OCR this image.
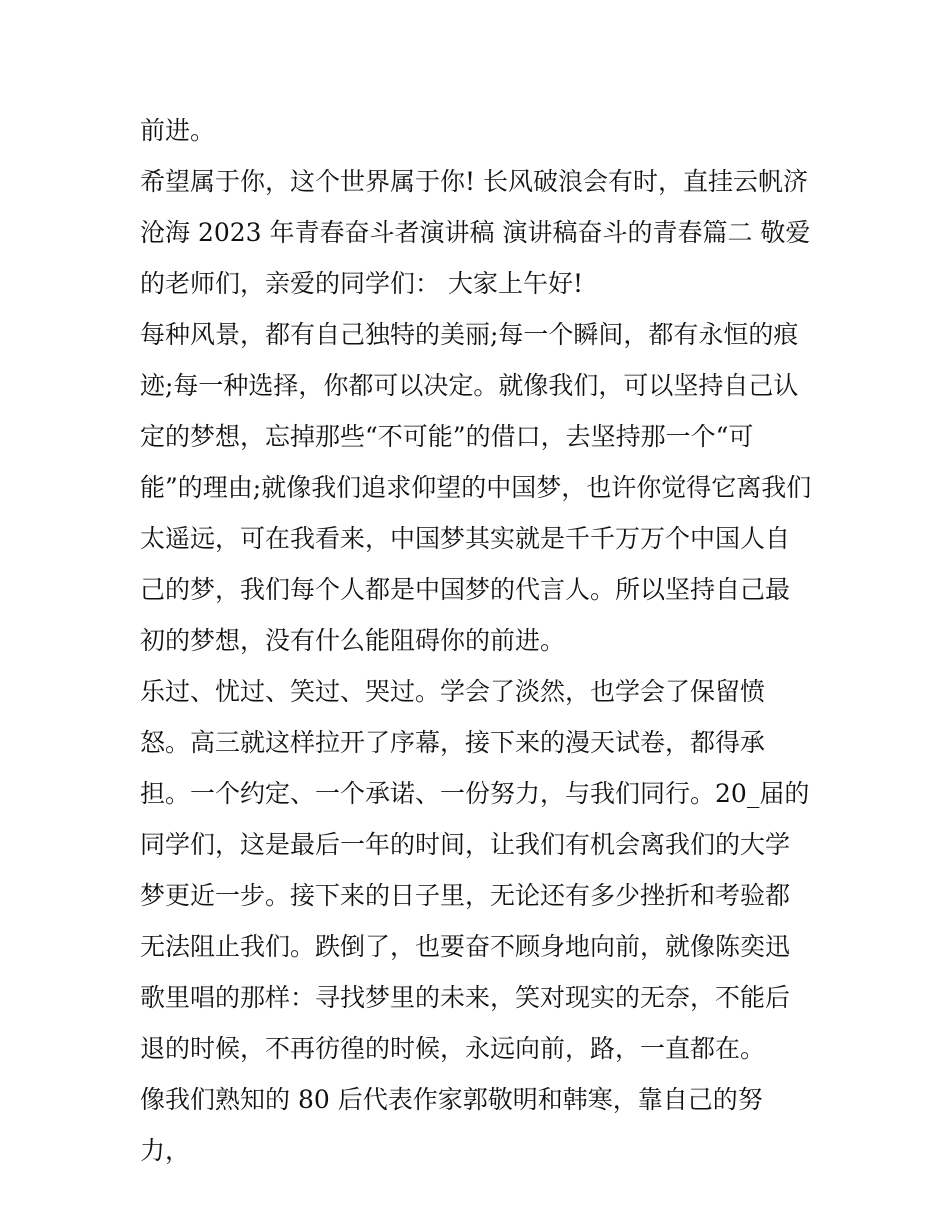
前进。

希望属于你，这个世界属于你! 长风破浪会有时，直挂云帆济沧海 2023 年青春奋斗者演讲稿 演讲稿奋斗的青春篇二 敬爱的老师们，亲爱的同学们： 大家上午好!

每种风景，都有自己独特的美丽;每一个瞬间，都有永恒的痕迹;每一种选择，你都可以决定。就像我们，可以坚持自己认定的梦想，忘掉那些“不可能”的借口，去坚持那一个“可能”的理由;就像我们追求仰望的中国梦，也许你觉得它离我们太遥远，可在我看来，中国梦其实就是千千万万个中国人自己的梦，我们每个人都是中国梦的代言人。所以坚持自己最初的梦想，没有什么能阻碍你的前进。

乐过、忧过、笑过、哭过。学会了淡然，也学会了保留愤怒。高三就这样拉开了序幕，接下来的漫天试卷，都得承担。一个约定、一个承诺、一份努力，与我们同行。20_届的同学们，这是最后一年的时间，让我们有机会离我们的大学梦更近一步。接下来的日子里，无论还有多少挫折和考验都无法阻止我们。跌倒了，也要奋不顾身地向前，就像陈奕迅歌里唱的那样：寻找梦里的未来，笑对现实的无奈，不能后退的时候，不再彷徨的时候，永远向前，路，一直都在。

像我们熟知的 80 后代表作家郭敬明和韩寒，靠自己的努力，
